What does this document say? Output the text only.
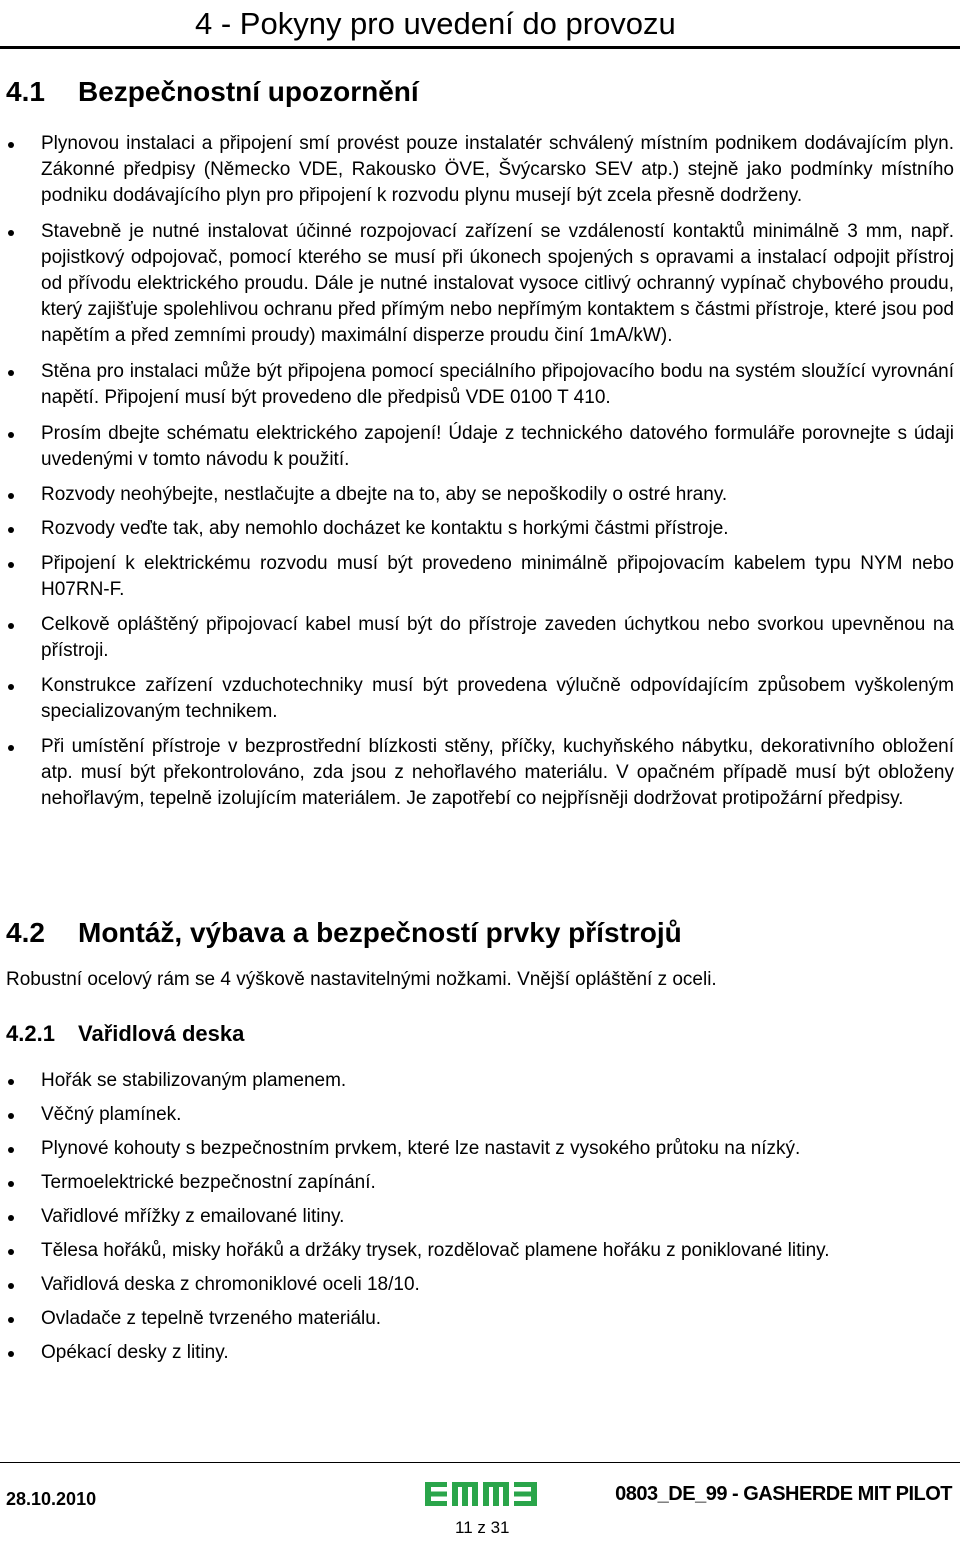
4 - Pokyny pro uvedení do provozu
4.1 Bezpečnostní upozornění
Plynovou instalaci a připojení smí provést pouze instalatér schválený místním podnikem dodávajícím plyn. Zákonné předpisy (Německo VDE, Rakousko ÖVE, Švýcarsko SEV atp.) stejně jako podmínky místního podniku dodávajícího plyn pro připojení k rozvodu plynu musejí být zcela přesně dodrženy.
Stavebně je nutné instalovat účinné rozpojovací zařízení se vzdáleností kontaktů minimálně 3 mm, např. pojistkový odpojovač, pomocí kterého se musí při úkonech spojených s opravami a instalací odpojit přístroj od přívodu elektrického proudu. Dále je nutné instalovat vysoce citlivý ochranný vypínač chybového proudu, který zajišťuje spolehlivou ochranu před přímým nebo nepřímým kontaktem s částmi přístroje, které jsou pod napětím a před zemními proudy) maximální disperze proudu činí 1mA/kW).
Stěna pro instalaci může být připojena pomocí speciálního připojovacího bodu na systém sloužící vyrovnání napětí. Připojení musí být provedeno dle předpisů VDE 0100 T 410.
Prosím dbejte schématu elektrického zapojení! Údaje z technického datového formuláře porovnejte s údaji uvedenými v tomto návodu k použití.
Rozvody neohýbejte, nestlačujte a dbejte na to, aby se nepoškodily o ostré hrany.
Rozvody veďte tak, aby nemohlo docházet ke kontaktu s horkými částmi přístroje.
Připojení k elektrickému rozvodu musí být provedeno minimálně připojovacím kabelem typu NYM nebo H07RN-F.
Celkově opláštěný připojovací kabel musí být do přístroje zaveden úchytkou nebo svorkou upevněnou na přístroji.
Konstrukce zařízení vzduchotechniky musí být provedena výlučně odpovídajícím způsobem vyškoleným specializovaným technikem.
Při umístění přístroje v bezprostřední blízkosti stěny, příčky, kuchyňského nábytku, dekorativního obložení atp. musí být překontrolováno, zda jsou z nehořlavého materiálu. V opačném případě musí být obloženy nehořlavým, tepelně izolujícím materiálem. Je zapotřebí co nejpřísněji dodržovat protipožární předpisy.
4.2 Montáž, výbava a bezpečností prvky přístrojů

Robustní ocelový rám se 4 výškově nastavitelnými nožkami. Vnější opláštění z oceli.

4.2.1 Vařidlová deska
Hořák se stabilizovaným plamenem.
Věčný plamínek.
Plynové kohouty s bezpečnostním prvkem, které lze nastavit z vysokého průtoku na nízký.
Termoelektrické bezpečnostní zapínání.
Vařidlové mřížky z emailované litiny.
Tělesa hořáků, misky hořáků a držáky trysek, rozdělovač plamene hořáku z poniklované litiny.
Vařidlová deska z chromoniklové oceli 18/10.
Ovladače z tepelně tvrzeného materiálu.
Opékací desky z litiny.
28.10.2010	0803_DE_99 - GASHERDE MIT PILOT
11 z 31
